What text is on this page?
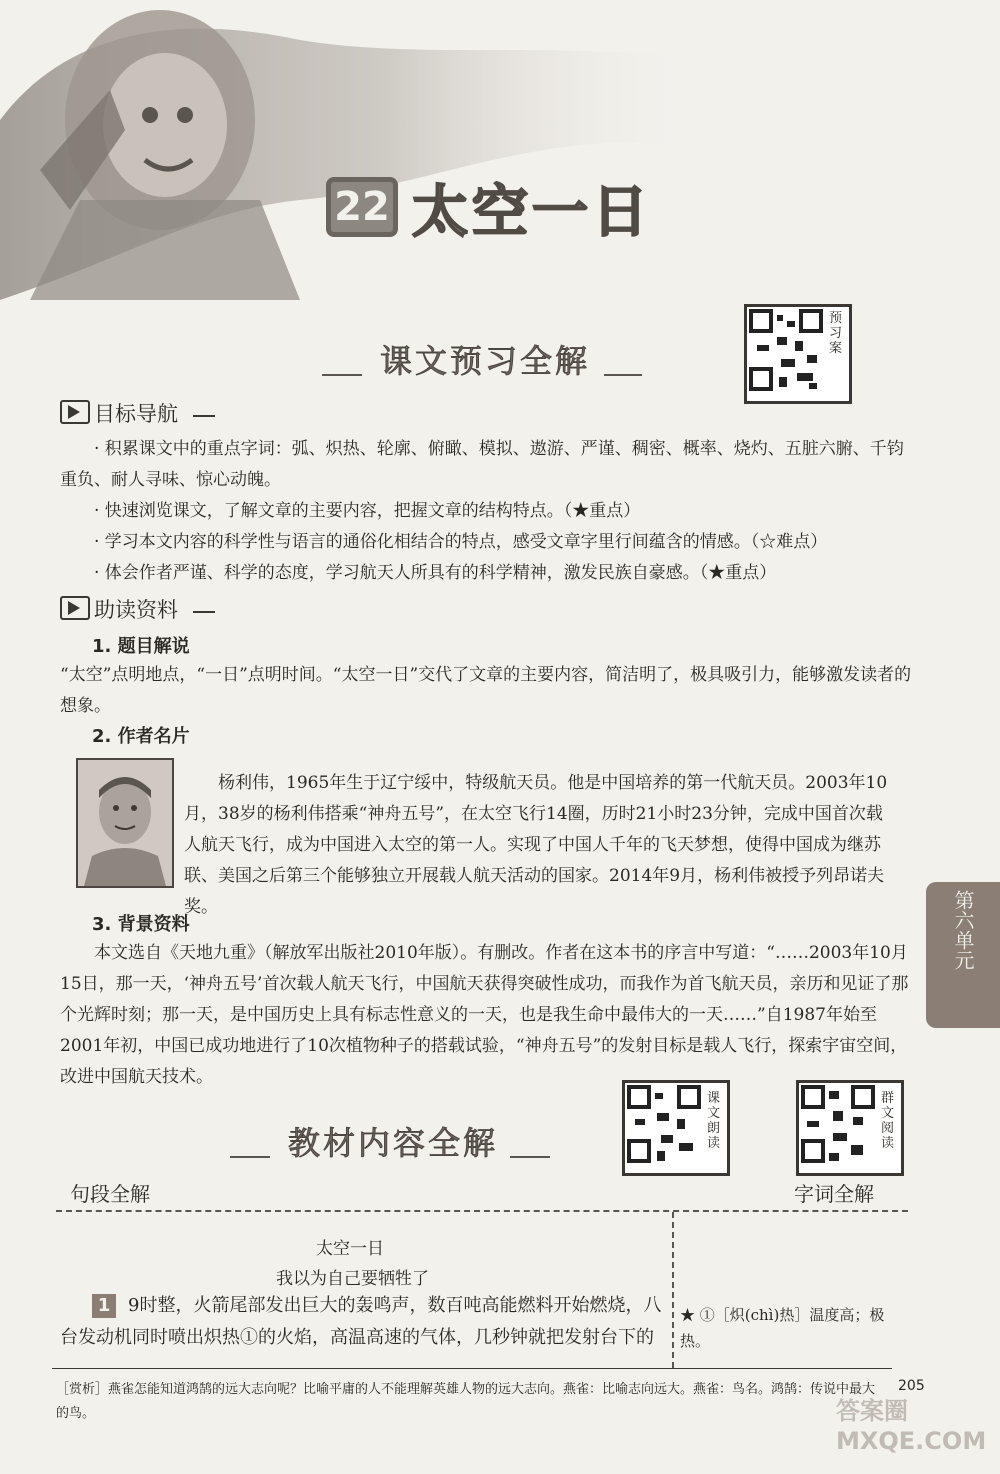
22 太空一日
课文预习全解
预习案
目标导航
· 积累课文中的重点字词：弧、炽热、轮廓、俯瞰、模拟、遨游、严谨、稠密、概率、烧灼、五脏六腑、千钧重负、耐人寻味、惊心动魄。
· 快速浏览课文，了解文章的主要内容，把握文章的结构特点。（★重点）
· 学习本文内容的科学性与语言的通俗化相结合的特点，感受文章字里行间蕴含的情感。（☆难点）
· 体会作者严谨、科学的态度，学习航天人所具有的科学精神，激发民族自豪感。（★重点）
助读资料
1. 题目解说
“太空”点明地点，“一日”点明时间。“太空一日”交代了文章的主要内容，简洁明了，极具吸引力，能够激发读者的想象。
2. 作者名片
杨利伟，1965年生于辽宁绥中，特级航天员。他是中国培养的第一代航天员。2003年10月，38岁的杨利伟搭乘“神舟五号”，在太空飞行14圈，历时21小时23分钟，完成中国首次载人航天飞行，成为中国进入太空的第一人。实现了中国人千年的飞天梦想，使得中国成为继苏联、美国之后第三个能够独立开展载人航天活动的国家。2014年9月，杨利伟被授予列昂诺夫奖。
3. 背景资料
本文选自《天地九重》（解放军出版社2010年版）。有删改。作者在这本书的序言中写道：“……2003年10月15日，那一天，‘神舟五号’首次载人航天飞行，中国航天获得突破性成功，而我作为首飞航天员，亲历和见证了那个光辉时刻；那一天，是中国历史上具有标志性意义的一天，也是我生命中最伟大的一天……”自1987年始至2001年初，中国已成功地进行了10次植物种子的搭载试验，“神舟五号”的发射目标是载人飞行，探索宇宙空间，改进中国航天技术。
第六单元
教材内容全解
课文朗读
群文阅读
句段全解	字词全解
太空一日
我以为自己要牺牲了
1 9时整，火箭尾部发出巨大的轰鸣声，数百吨高能燃料开始燃烧，八台发动机同时喷出炽热①的火焰，高温高速的气体，几秒钟就把发射台下的
★ ①［炽(chì)热］温度高；极热。
［赏析］燕雀怎能知道鸿鹄的远大志向呢？比喻平庸的人不能理解英雄人物的远大志向。燕雀：比喻志向远大。燕雀：鸟名。鸿鹄：传说中最大的鸟。
205
答案圈 MXQE.COM
